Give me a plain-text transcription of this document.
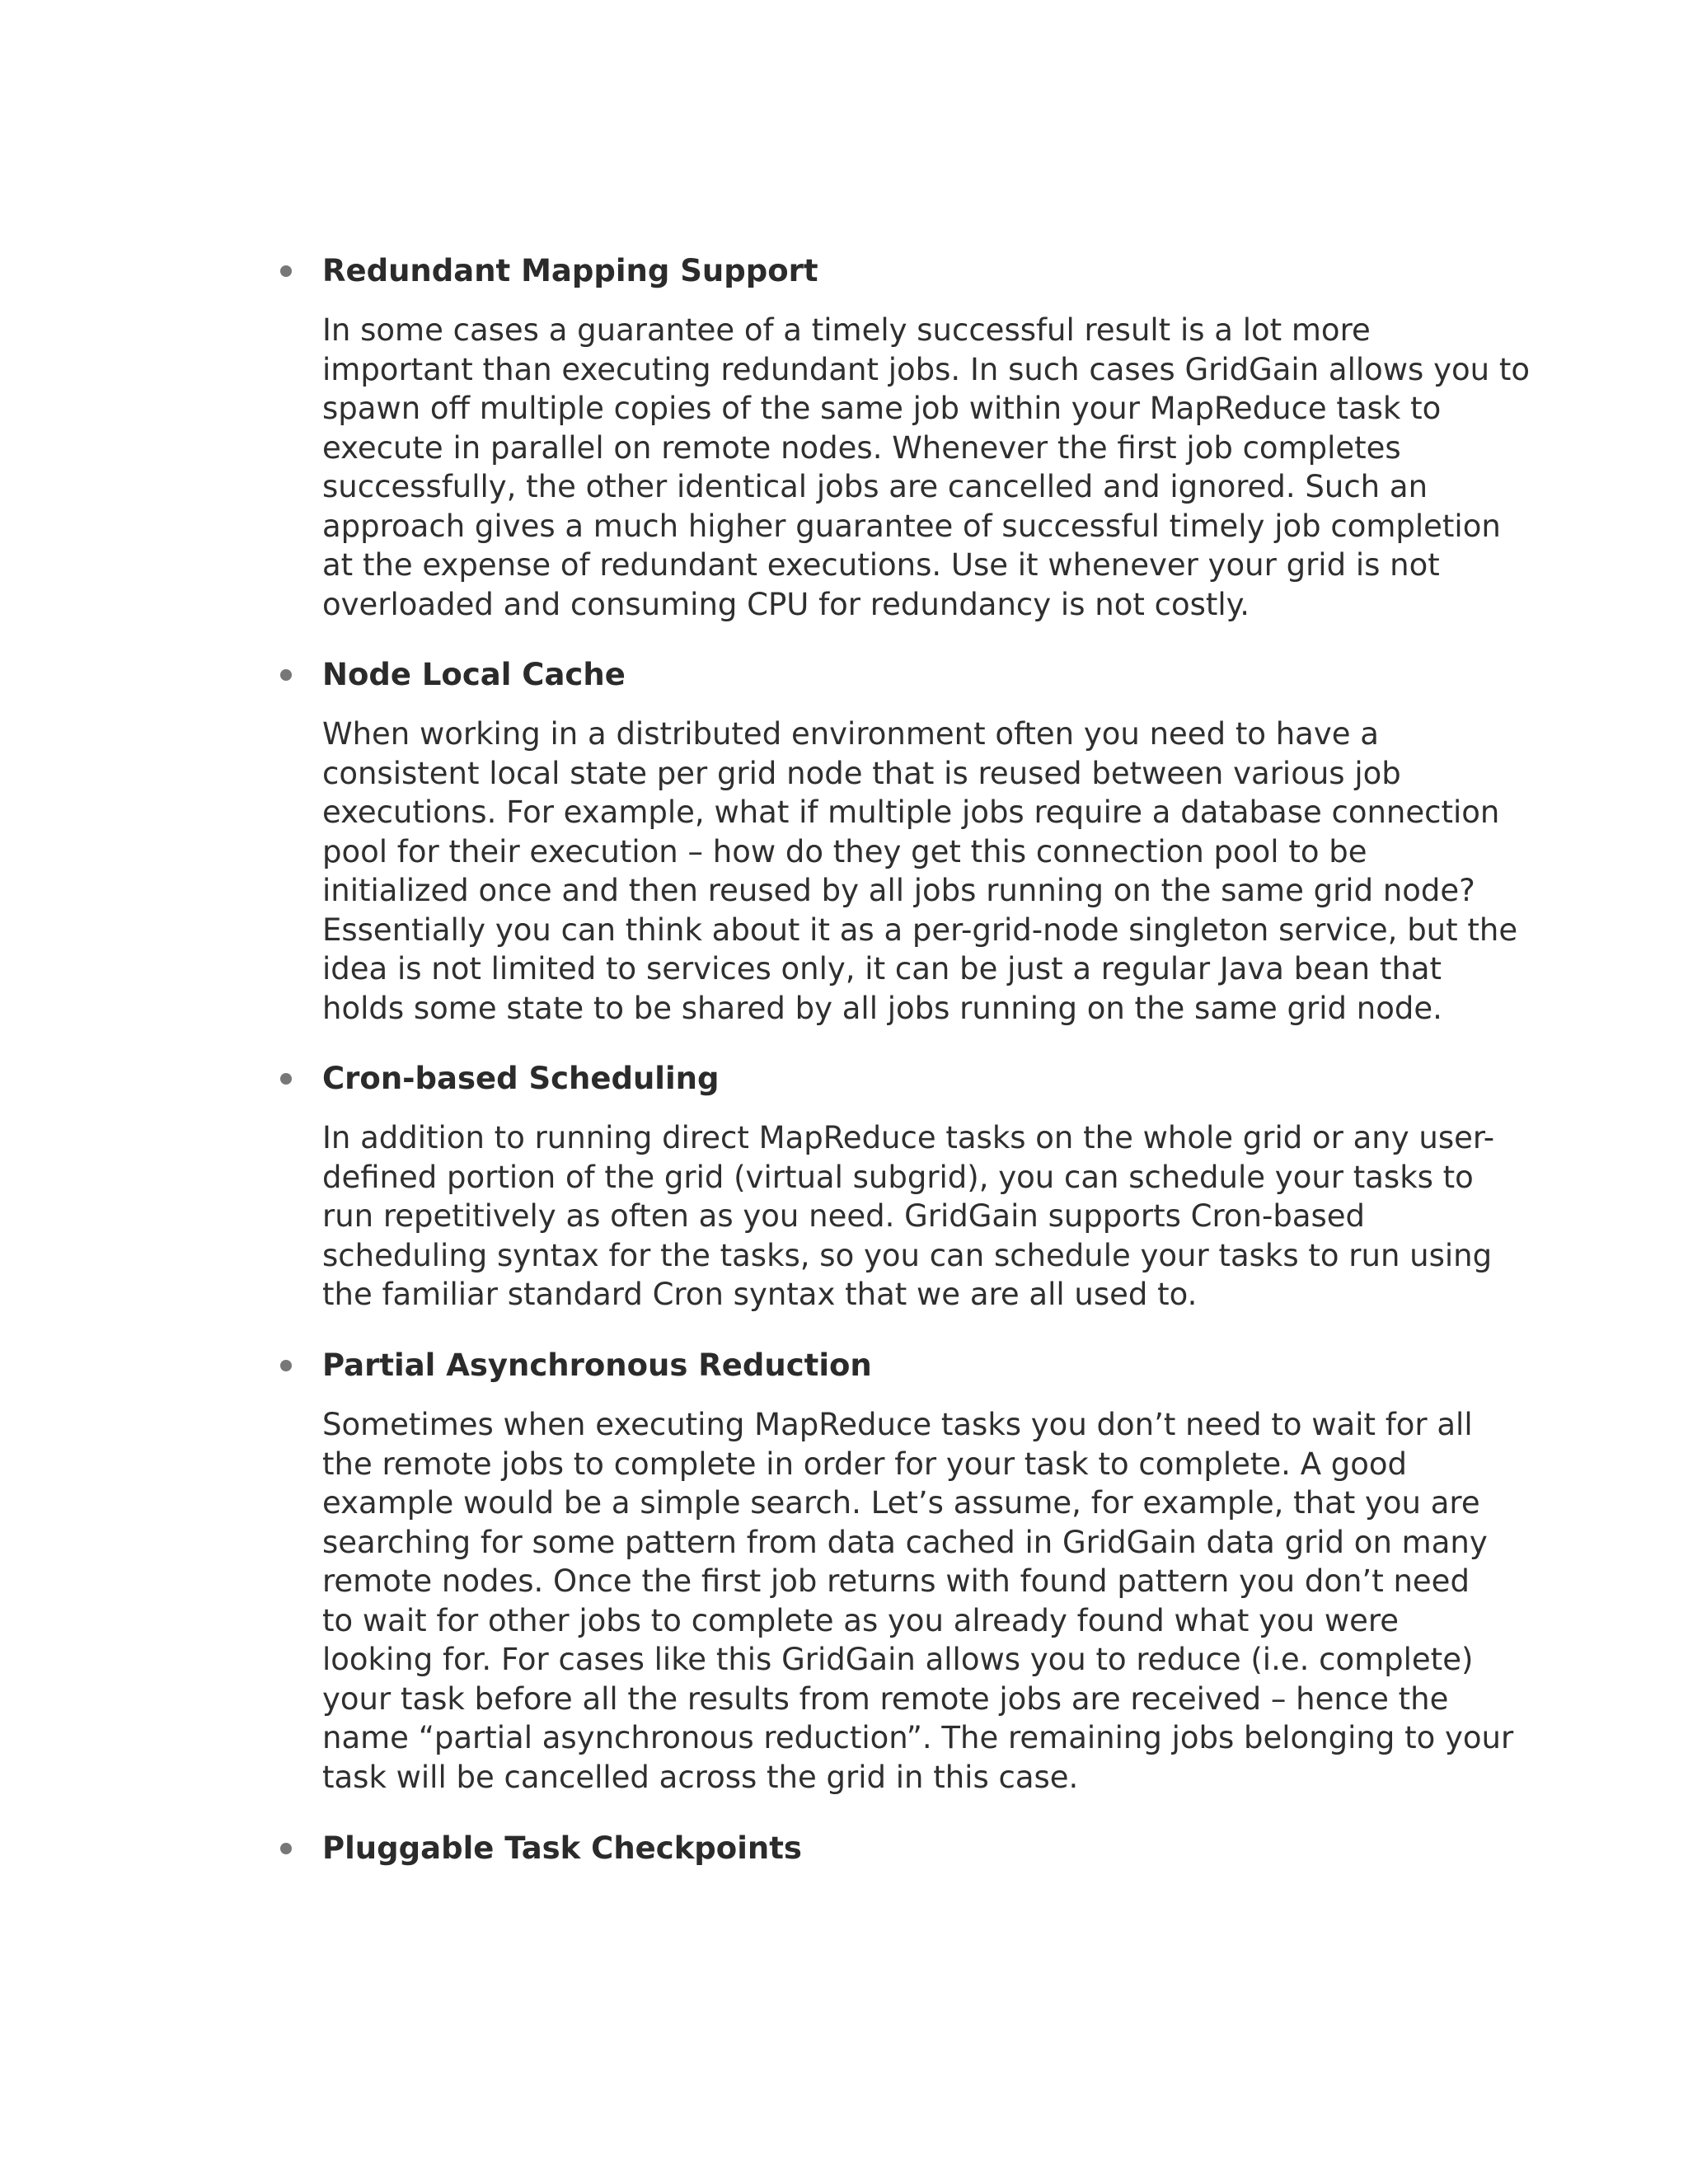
Redundant Mapping Support

In some cases a guarantee of a timely successful result is a lot more
important than executing redundant jobs. In such cases GridGain allows you to
spawn off multiple copies of the same job within your MapReduce task to
execute in parallel on remote nodes. Whenever the first job completes
successfully, the other identical jobs are cancelled and ignored. Such an
approach gives a much higher guarantee of successful timely job completion
at the expense of redundant executions. Use it whenever your grid is not
overloaded and consuming CPU for redundancy is not costly.

Node Local Cache

When working in a distributed environment often you need to have a
consistent local state per grid node that is reused between various job
executions. For example, what if multiple jobs require a database connection
pool for their execution – how do they get this connection pool to be
initialized once and then reused by all jobs running on the same grid node?
Essentially you can think about it as a per-grid-node singleton service, but the
idea is not limited to services only, it can be just a regular Java bean that
holds some state to be shared by all jobs running on the same grid node.

Cron-based Scheduling

In addition to running direct MapReduce tasks on the whole grid or any user-
defined portion of the grid (virtual subgrid), you can schedule your tasks to
run repetitively as often as you need. GridGain supports Cron-based
scheduling syntax for the tasks, so you can schedule your tasks to run using
the familiar standard Cron syntax that we are all used to.

Partial Asynchronous Reduction

Sometimes when executing MapReduce tasks you don’t need to wait for all
the remote jobs to complete in order for your task to complete. A good
example would be a simple search. Let’s assume, for example, that you are
searching for some pattern from data cached in GridGain data grid on many
remote nodes. Once the first job returns with found pattern you don’t need
to wait for other jobs to complete as you already found what you were
looking for. For cases like this GridGain allows you to reduce (i.e. complete)
your task before all the results from remote jobs are received – hence the
name “partial asynchronous reduction”. The remaining jobs belonging to your
task will be cancelled across the grid in this case.

Pluggable Task Checkpoints
